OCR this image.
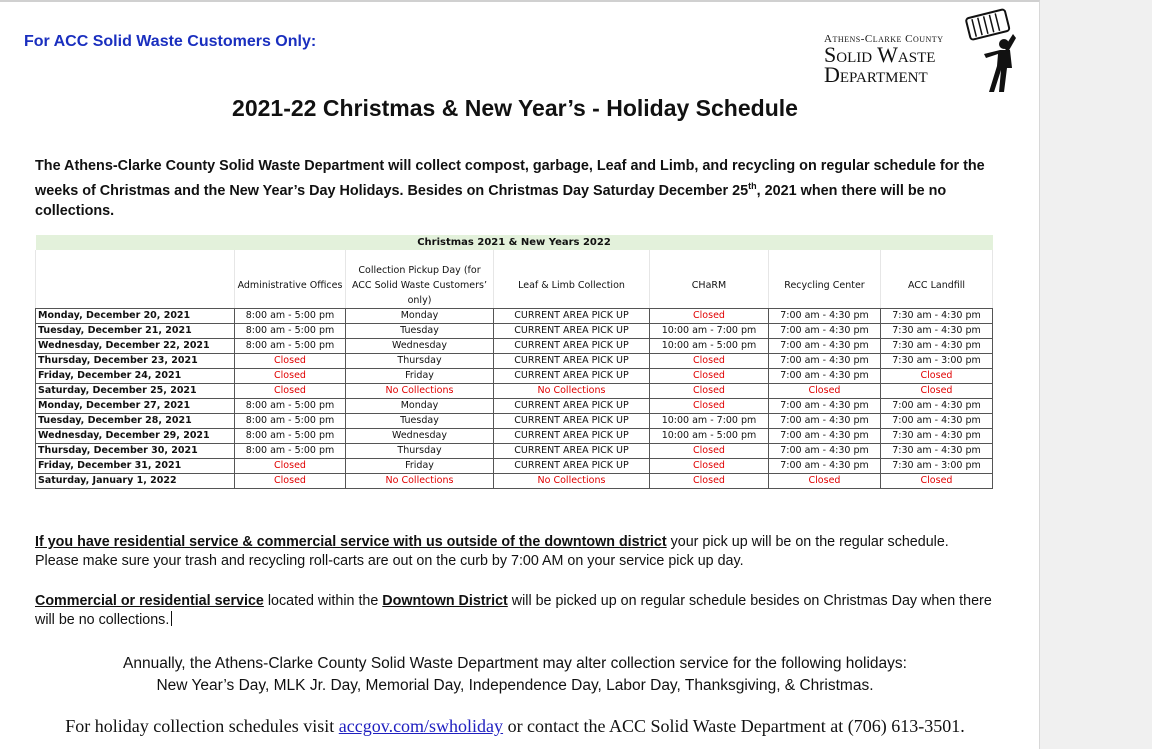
For ACC Solid Waste Customers Only:	Athens-Clarke County
Solid Waste
Department
2021-22 Christmas & New Year’s - Holiday Schedule
The Athens-Clarke County Solid Waste Department will collect compost, garbage, Leaf and Limb, and recycling on regular schedule for the weeks of Christmas and the New Year’s Day Holidays. Besides on Christmas Day Saturday December 25th, 2021 when there will be no collections.
Christmas 2021 & New Years 2022						

	Administrative Offices	Collection Pickup Day (for ACC Solid Waste Customers’ only)	Leaf & Limb Collection	CHaRM	Recycling Center	ACC Landfill
Monday, December 20, 2021	8:00 am - 5:00 pm	Monday	CURRENT AREA PICK UP	Closed	7:00 am - 4:30 pm	7:30 am - 4:30 pm
Tuesday, December 21, 2021	8:00 am - 5:00 pm	Tuesday	CURRENT AREA PICK UP	10:00 am - 7:00 pm	7:00 am - 4:30 pm	7:30 am - 4:30 pm
Wednesday, December 22, 2021	8:00 am - 5:00 pm	Wednesday	CURRENT AREA PICK UP	10:00 am - 5:00 pm	7:00 am - 4:30 pm	7:30 am - 4:30 pm
Thursday, December 23, 2021	Closed	Thursday	CURRENT AREA PICK UP	Closed	7:00 am - 4:30 pm	7:30 am - 3:00 pm
Friday, December 24, 2021	Closed	Friday	CURRENT AREA PICK UP	Closed	7:00 am - 4:30 pm	Closed
Saturday, December 25, 2021	Closed	No Collections	No Collections	Closed	Closed	Closed
Monday, December 27, 2021	8:00 am - 5:00 pm	Monday	CURRENT AREA PICK UP	Closed	7:00 am - 4:30 pm	7:00 am - 4:30 pm
Tuesday, December 28, 2021	8:00 am - 5:00 pm	Tuesday	CURRENT AREA PICK UP	10:00 am - 7:00 pm	7:00 am - 4:30 pm	7:00 am - 4:30 pm
Wednesday, December 29, 2021	8:00 am - 5:00 pm	Wednesday	CURRENT AREA PICK UP	10:00 am - 5:00 pm	7:00 am - 4:30 pm	7:30 am - 4:30 pm
Thursday, December 30, 2021	8:00 am - 5:00 pm	Thursday	CURRENT AREA PICK UP	Closed	7:00 am - 4:30 pm	7:30 am - 4:30 pm
Friday, December 31, 2021	Closed	Friday	CURRENT AREA PICK UP	Closed	7:00 am - 4:30 pm	7:30 am - 3:00 pm
Saturday, January 1, 2022	Closed	No Collections	No Collections	Closed	Closed	Closed
If you have residential service & commercial service with us outside of the downtown district your pick up will be on the regular schedule. Please make sure your trash and recycling roll-carts are out on the curb by 7:00 AM on your service pick up day.
Commercial or residential service located within the Downtown District will be picked up on regular schedule besides on Christmas Day when there will be no collections.
Annually, the Athens-Clarke County Solid Waste Department may alter collection service for the following holidays:
New Year’s Day, MLK Jr. Day, Memorial Day, Independence Day, Labor Day, Thanksgiving, & Christmas.
For holiday collection schedules visit accgov.com/swholiday or contact the ACC Solid Waste Department at (706) 613-3501.
